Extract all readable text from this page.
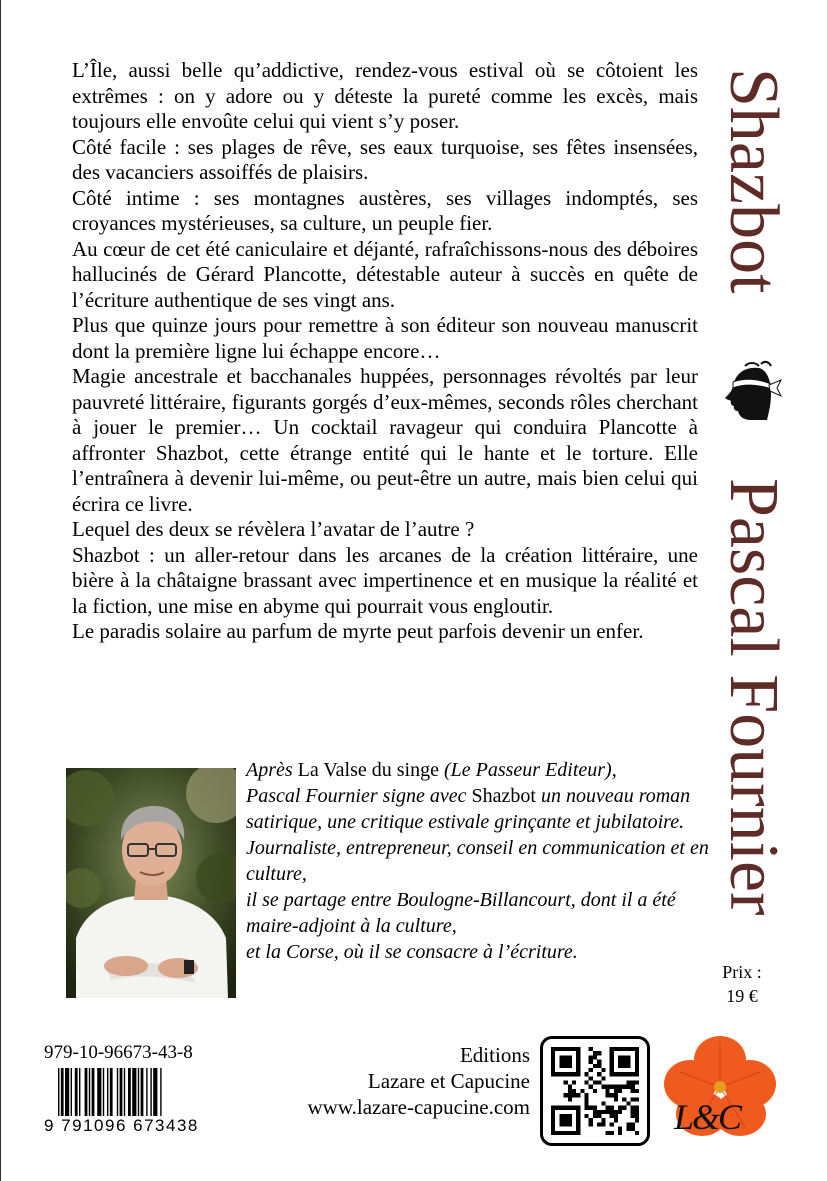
L’Île, aussi belle qu’addictive, rendez-vous estival où se côtoient les extrêmes : on y adore ou y déteste la pureté comme les excès, mais toujours elle envoûte celui qui vient s’y poser.

Côté facile : ses plages de rêve, ses eaux turquoise, ses fêtes insensées, des vacanciers assoiffés de plaisirs.

Côté intime : ses montagnes austères, ses villages indomptés, ses croyances mystérieuses, sa culture, un peuple fier.

Au cœur de cet été caniculaire et déjanté, rafraîchissons-nous des déboires hallucinés de Gérard Plancotte, détestable auteur à succès en quête de l’écriture authentique de ses vingt ans.

Plus que quinze jours pour remettre à son éditeur son nouveau manuscrit dont la première ligne lui échappe encore…

Magie ancestrale et bacchanales huppées, personnages révoltés par leur pauvreté littéraire, figurants gorgés d’eux-mêmes, seconds rôles cherchant à jouer le premier… Un cocktail ravageur qui conduira Plancotte à affronter Shazbot, cette étrange entité qui le hante et le torture. Elle l’entraînera à devenir lui-même, ou peut-être un autre, mais bien celui qui écrira ce livre.

Lequel des deux se révèlera l’avatar de l’autre ?

Shazbot : un aller-retour dans les arcanes de la création littéraire, une bière à la châtaigne brassant avec impertinence et en musique la réalité et la fiction, une mise en abyme qui pourrait vous engloutir.

Le paradis solaire au parfum de myrte peut parfois devenir un enfer.

Shazbot
Pascal Fournier

Après La Valse du singe (Le Passeur Editeur),
Pascal Fournier signe avec Shazbot un nouveau roman satirique, une critique estivale grinçante et jubilatoire.

Journaliste, entrepreneur, conseil en communication et en culture,

il se partage entre Boulogne-Billancourt, dont il a été maire-adjoint à la culture,

et la Corse, où il se consacre à l’écriture.

Prix :
19 €
979-10-96673-43-8
9 791096 673438
Editions
Lazare et Capucine
www.lazare-capucine.com	L&C
